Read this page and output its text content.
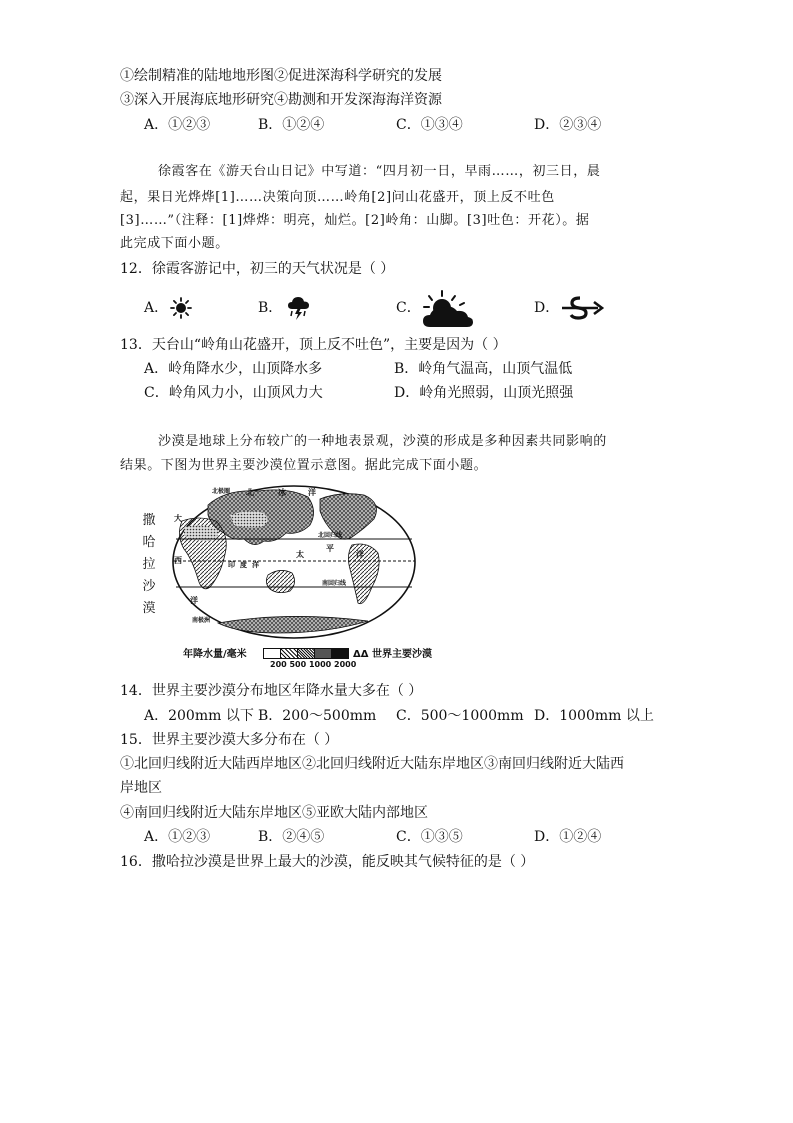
①绘制精准的陆地地形图②促进深海科学研究的发展
③深入开展海底地形研究④勘测和开发深海海洋资源
A．①②③	B．①②④	C．①③④	D．②③④
徐霞客在《游天台山日记》中写道：“四月初一日，早雨……，初三日，晨
起，果日光烨烨[1]……决策向顶……岭角[2]问山花盛开，顶上反不吐色
[3]……”（注释：[1]烨烨：明亮，灿烂。[2]岭角：山脚。[3]吐色：开花）。据
此完成下面小题。
12．徐霞客游记中，初三的天气状况是（ ）
A．	B．	C．	D．
13．天台山“岭角山花盛开，顶上反不吐色”，主要是因为（ ）
A．岭角降水少，山顶降水多	B．岭角气温高，山顶气温低
C．岭角风力小，山顶风力大	D．岭角光照弱，山顶光照强
沙漠是地球上分布较广的一种地表景观，沙漠的形成是多种因素共同影响的
结果。下图为世界主要沙漠位置示意图。据此完成下面小题。
撒
哈
拉
沙
漠
北极圈 北	冰	洋
大
太
平
洋
印 度 洋
西
洋
北回归线
南回归线
南极洲
年降水量/毫米
200 500 1000 2000
ΔΔ 世界主要沙漠
14．世界主要沙漠分布地区年降水量大多在（ ）
A．200mm 以下 B．200～500mm C．500～1000mm D．1000mm 以上
15．世界主要沙漠大多分布在（ ）
①北回归线附近大陆西岸地区②北回归线附近大陆东岸地区③南回归线附近大陆西
岸地区
④南回归线附近大陆东岸地区⑤亚欧大陆内部地区
A．①②③	B．②④⑤	C．①③⑤	D．①②④
16．撒哈拉沙漠是世界上最大的沙漠，能反映其气候特征的是（ ）
